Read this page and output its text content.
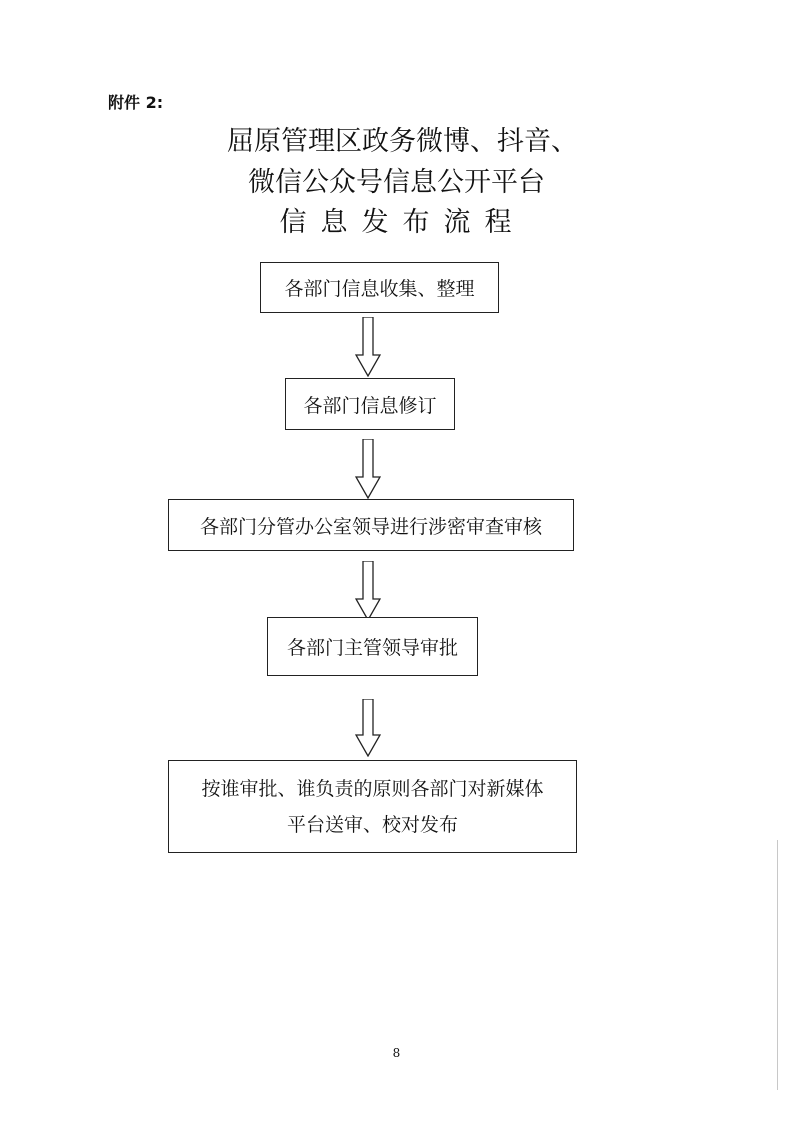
附件 2:
屈原管理区政务微博、抖音、
微信公众号信息公开平台
信息发布流程
各部门信息收集、整理
各部门信息修订
各部门分管办公室领导进行涉密审查审核
各部门主管领导审批
按谁审批、谁负责的原则各部门对新媒体
平台送审、校对发布
8
